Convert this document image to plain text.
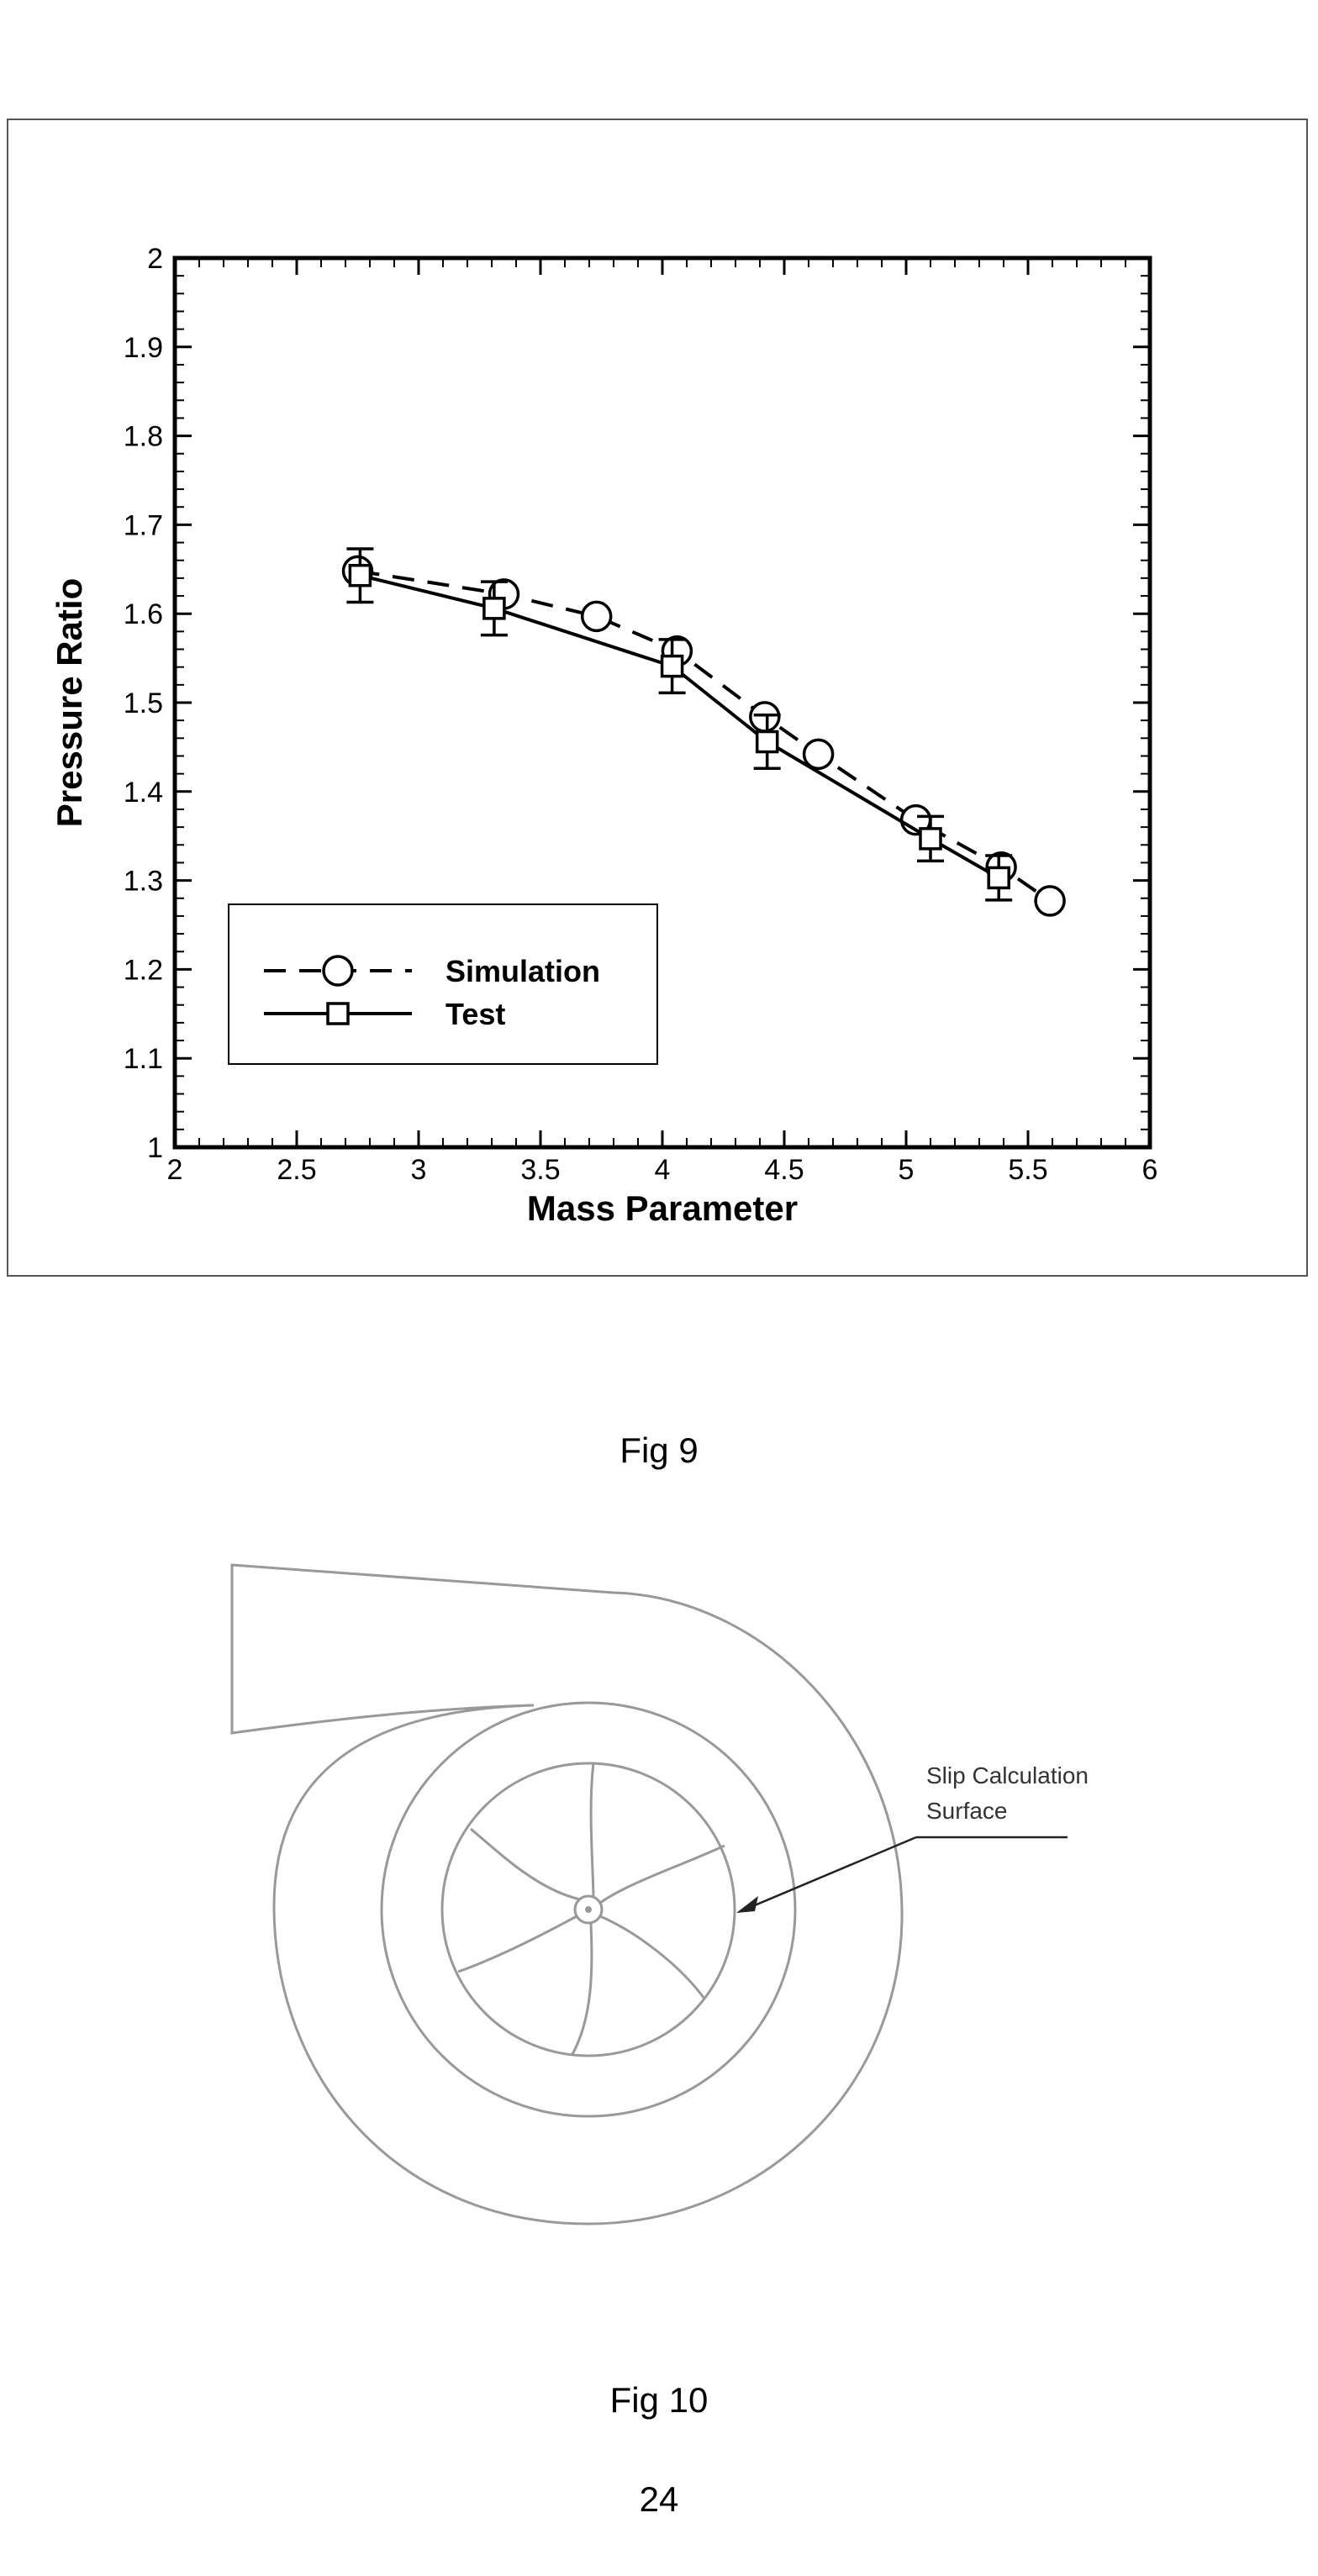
2	2.5	3	3.5	4	4.5	5	5.5	6
1
1.1
1.2
1.3
1.4
1.5
1.6
1.7
1.8
1.9
2
Mass Parameter
Pressure Ratio
Simulation
Test
Fig 9
Slip Calculation
Surface
Fig 10
24
